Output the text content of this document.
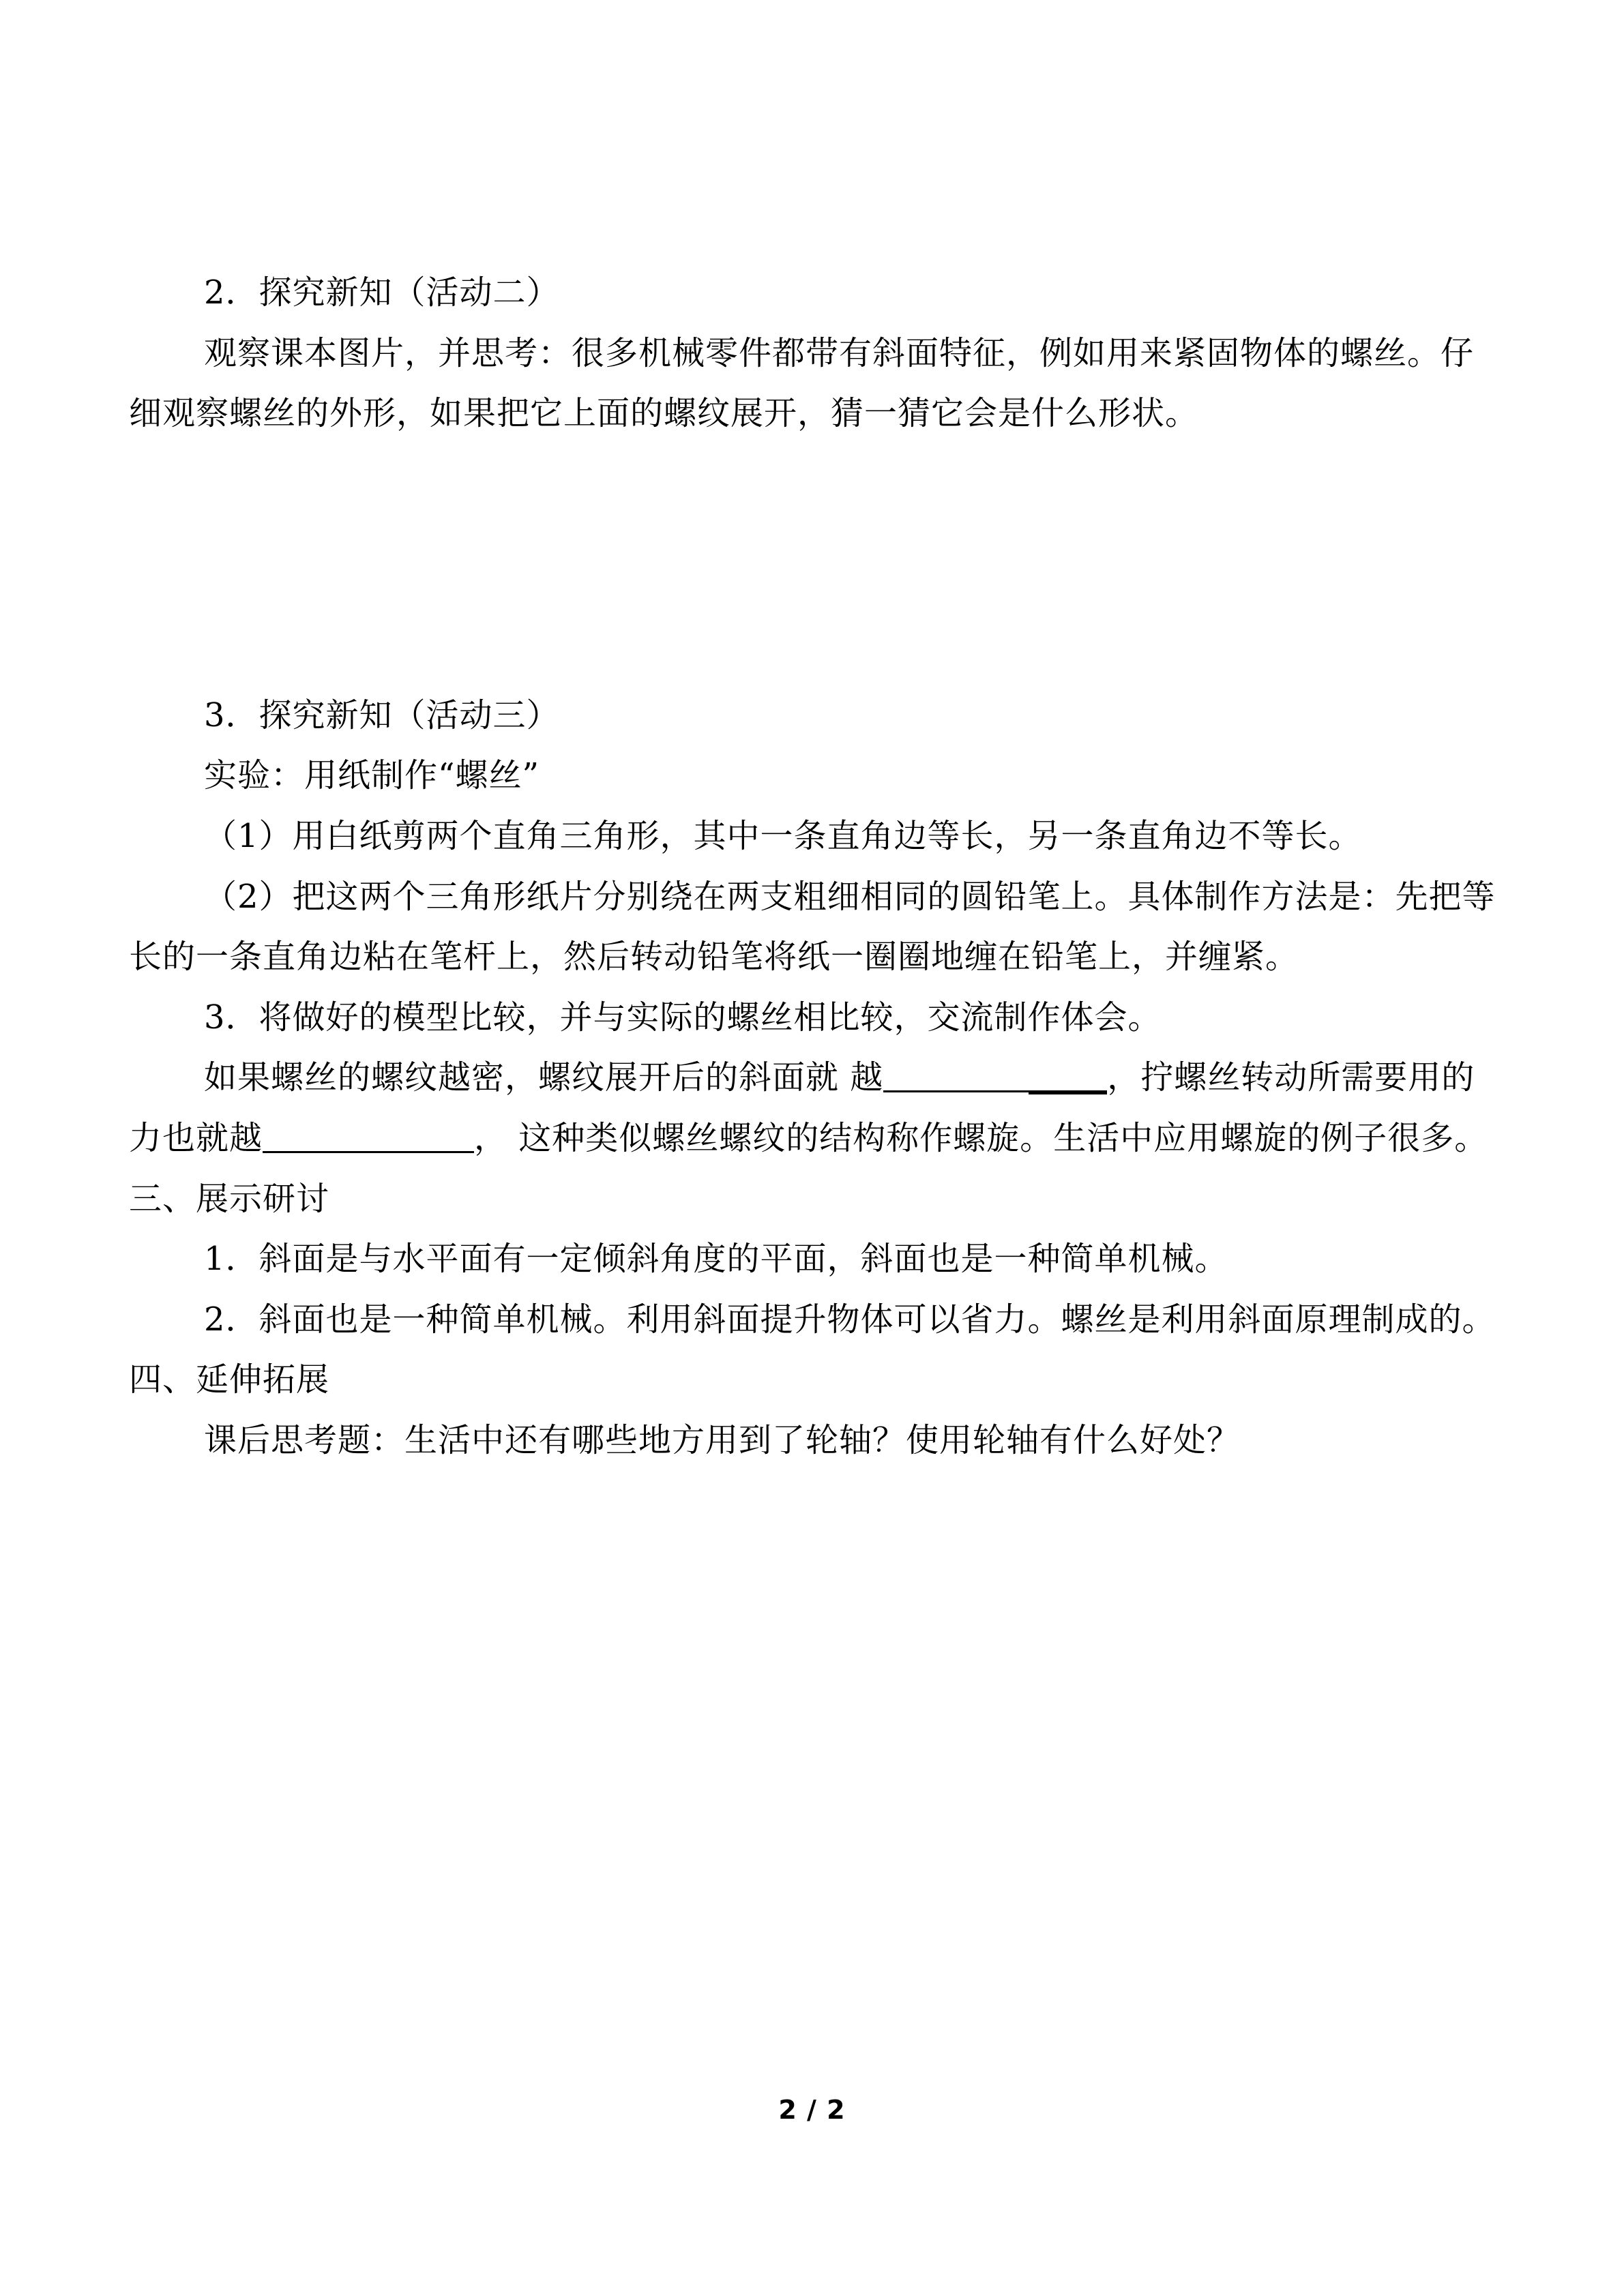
2．探究新知（活动二）

观察课本图片，并思考：很多机械零件都带有斜面特征，例如用来紧固物体的螺丝。仔

细观察螺丝的外形，如果把它上面的螺纹展开，猜一猜它会是什么形状。

3．探究新知（活动三）

实验：用纸制作“螺丝”

（1）用白纸剪两个直角三角形，其中一条直角边等长，另一条直角边不等长。

（2）把这两个三角形纸片分别绕在两支粗细相同的圆铅笔上。具体制作方法是：先把等

长的一条直角边粘在笔杆上，然后转动铅笔将纸一圈圈地缠在铅笔上，并缠紧。

3．将做好的模型比较，并与实际的螺丝相比较，交流制作体会。

如果螺丝的螺纹越密，螺纹展开后的斜面就 越	，拧螺丝转动所需要用的

力也就越	， 这种类似螺丝螺纹的结构称作螺旋。生活中应用螺旋的例子很多。

三、展示研讨

1．斜面是与水平面有一定倾斜角度的平面，斜面也是一种简单机械。

2．斜面也是一种简单机械。利用斜面提升物体可以省力。螺丝是利用斜面原理制成的。

四、延伸拓展

课后思考题：生活中还有哪些地方用到了轮轴？使用轮轴有什么好处？

2 / 2
